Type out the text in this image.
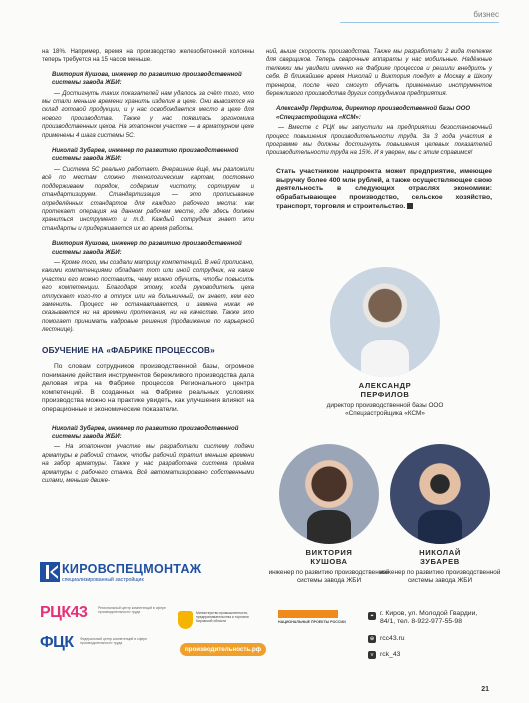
бизнес

на 18%. Например, время на производство железобетонной колонны теперь требуется на 15 часов меньше.

Виктория Кушова, инженер по развитию производственной системы завода ЖБИ:

— Достигнуть таких показателей нам удалось за счёт того, что мы стали меньше времени хранить изделия в цехе. Они вывозятся на склад готовой продукции, и у нас освобождается место в цехе для нового производства. Также у нас появилась эргономика производственных цехов. На этапонном участке — в арматурном цехе применены 4 шага системы 5С.

Николай Зубарев, инженер по развитию производственной системы завода ЖБИ:

— Система 5С реально работает. Вчерашние ёщё, мы разложили всё по местам сложно технологическим картам, постоянно поддерживаем порядок, содержим чистоту, сортируем и стандартизируем. Стандартизация — это прописывание определённых стандартов для каждого рабочего места: как протекает операция на данном рабочем месте, где здесь должен храниться инструмент и т.д. Каждый сотрудник знает эти стандарты и придерживается их во время работы.

Виктория Кушова, инженер по развитию производственной системы завода ЖБИ:

— Кроме того, мы создали матрицу компетенций. В ней прописано, какими компетенциями обладает тот или иной сотрудник, на какие участки его можно поставить, чему можно обучить, чтобы повысить его компетенции. Благодаря этому, когда руководитель цеха отпускает кого-то в отпуск или на больничный, он знает, кем его заменить. Процесс не останавливается, и замена никак не сказывается ни на времени протекания, ни на качестве. Также это помогает принимать кадровые решения (продвижение по карьерной лестнице).

ОБУЧЕНИЕ НА «ФАБРИКЕ ПРОЦЕССОВ»

По словам сотрудников производственной базы, огромное понимание действия инструментов бережливого производства дала деловая игра на Фабрике процессов Регионального центра компетенций. В созданных на Фабрике реальных условиях производства можно на практике увидеть, как улучшения влияют на операционные и экономические показатели.

Николай Зубарев, инженер по развитию производственной системы завода ЖБИ:

— На этапонном участке мы разработали систему подачи арматуры в рабочий станок, чтобы рабочий тратил меньше времени на забор арматуры. Также у нас разработана система приёма арматуры с рабочего станка. Всё автоматизировано собственными силами, меньше движе-

ний, выше скорость производства. Также мы разработали 2 вида тележек для сварщиков. Теперь сварочные аппараты у нас мобильные. Надёжные тележки мы увидели именно на Фабрике процессов и решили внедрить у себя. В ближайшее время Николай и Виктория поедут в Москву в Школу тренеров, после чего смогут обучать применению инструментов бережливого производства других сотрудников предприятия.

Александр Перфилов, директор производственной базы ООО «Спецзастройщика «КСМ»:

— Вместе с РЦК мы запустили на предприятии безостановочный процесс повышения производительности труда. За 3 года участия в программе мы должны достигнуть повышения целевых показателей производительности труда на 15%. И я уверен, мы с этим справимся!

Стать участником нацпроекта может предприятие, имеющее выручку более 400 млн рублей, а также осуществляющее свою деятельность в следующих отраслях экономики: обрабатывающее производство, сельское хозяйство, транспорт, торговля и строительство.

АЛЕКСАНДР
ПЕРФИЛОВ
директор производственной базы ООО «Спецзастройщика «КСМ»
ВИКТОРИЯ
КУШОВА
инженер по развитию производственной системы завода ЖБИ
НИКОЛАЙ
ЗУБАРЕВ
инженер по развитию производственной системы завода ЖБИ
КИРОВСПЕЦМОНТАЖ
специализированный застройщик
РЦК43	Региональный центр компетенций в сфере производительности труда
ФЦК Федеральный центр компетенций в сфере производительности труда
Министерство промышленности, предпринимательства и торговли Кировской области
производительность.рф
НАЦИОНАЛЬНЫЕ ПРОЕКТЫ РОССИИ
⌖ г. Киров, ул. Молодой Гвардии, 84/1, тел. 8-922-977-55-98
⊕ rcc43.ru
v rck_43
21
